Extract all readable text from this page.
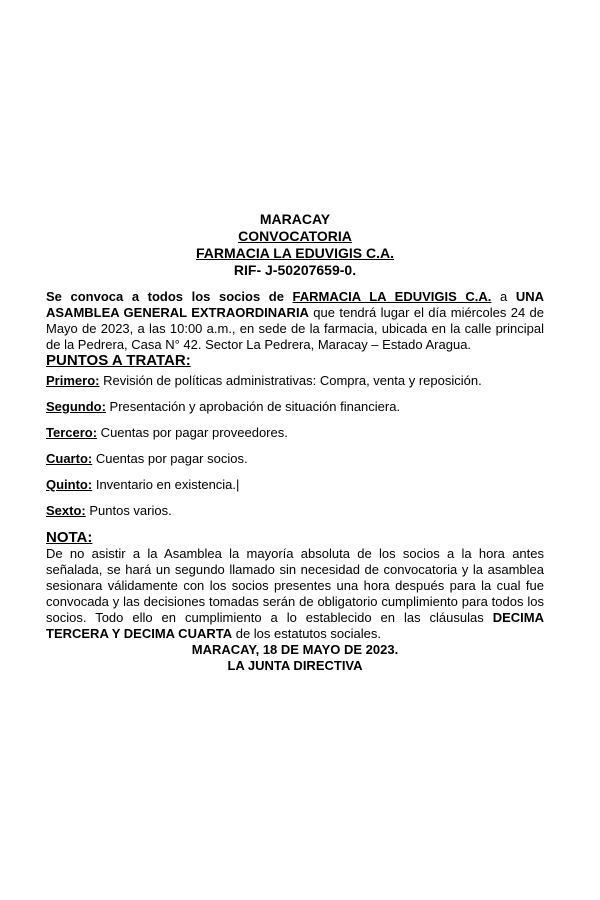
MARACAY
CONVOCATORIA
FARMACIA LA EDUVIGIS C.A.
RIF- J-50207659-0.
Se convoca a todos los socios de FARMACIA LA EDUVIGIS C.A. a UNA ASAMBLEA GENERAL EXTRAORDINARIA que tendrá lugar el día miércoles 24 de Mayo de 2023, a las 10:00 a.m., en sede de la farmacia, ubicada en la calle principal de la Pedrera, Casa N° 42. Sector La Pedrera, Maracay – Estado Aragua.
PUNTOS A TRATAR:
Primero: Revisión de políticas administrativas: Compra, venta y reposición.
Segundo: Presentación y aprobación de situación financiera.
Tercero: Cuentas por pagar proveedores.
Cuarto: Cuentas por pagar socios.
Quinto: Inventario en existencia.|
Sexto: Puntos varios.
NOTA:
De no asistir a la Asamblea la mayoría absoluta de los socios a la hora antes señalada, se hará un segundo llamado sin necesidad de convocatoria y la asamblea sesionara válidamente con los socios presentes una hora después para la cual fue convocada y las decisiones tomadas serán de obligatorio cumplimiento para todos los socios. Todo ello en cumplimiento a lo establecido en las cláusulas DECIMA TERCERA Y DECIMA CUARTA de los estatutos sociales.
MARACAY, 18 DE MAYO DE 2023.
LA JUNTA DIRECTIVA
